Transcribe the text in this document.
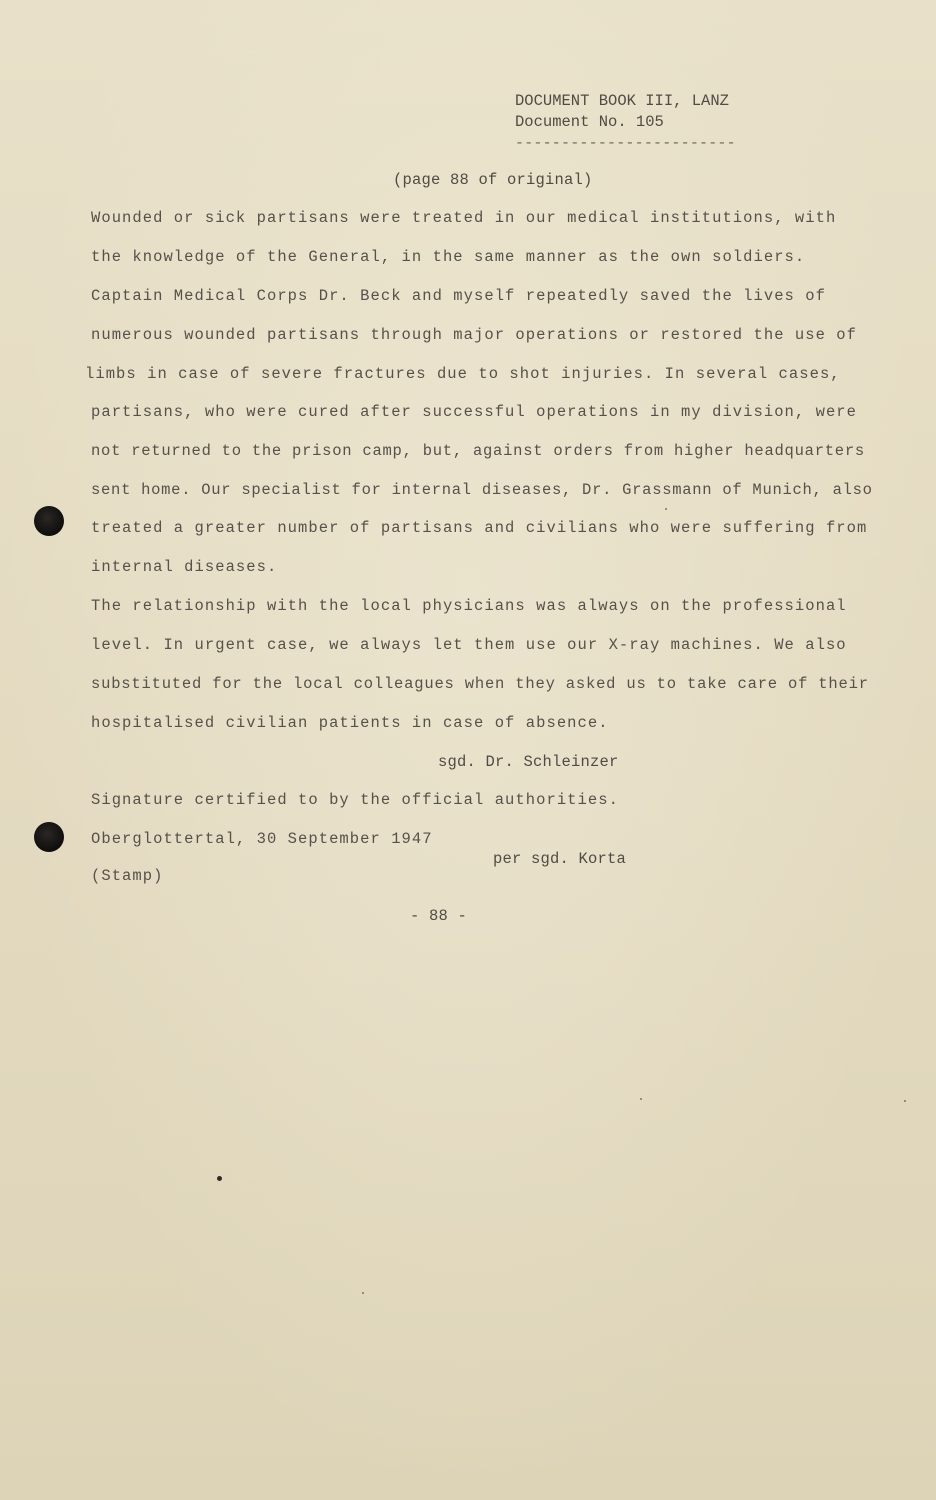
DOCUMENT BOOK III, LANZ
Document No. 105
------------------------
(page 88 of original)
Wounded or sick partisans were treated in our medical institutions, with
the knowledge of the General, in the same manner as the own soldiers.
Captain Medical Corps Dr. Beck and myself repeatedly saved the lives of
numerous wounded partisans through major operations or restored the use of
limbs in case of severe fractures due to shot injuries. In several cases,
partisans, who were cured after successful operations in my division, were
not returned to the prison camp, but, against orders from higher headquarters
sent home. Our specialist for internal diseases, Dr. Grassmann of Munich, also
treated a greater number of partisans and civilians who were suffering from
internal diseases.
The relationship with the local physicians was always on the professional
level. In urgent case, we always let them use our X-ray machines. We also
substituted for the local colleagues when they asked us to take care of their
hospitalised civilian patients in case of absence.
sgd. Dr. Schleinzer
Signature certified to by the official authorities.
Oberglottertal, 30 September 1947
per sgd. Korta
(Stamp)
- 88 -
